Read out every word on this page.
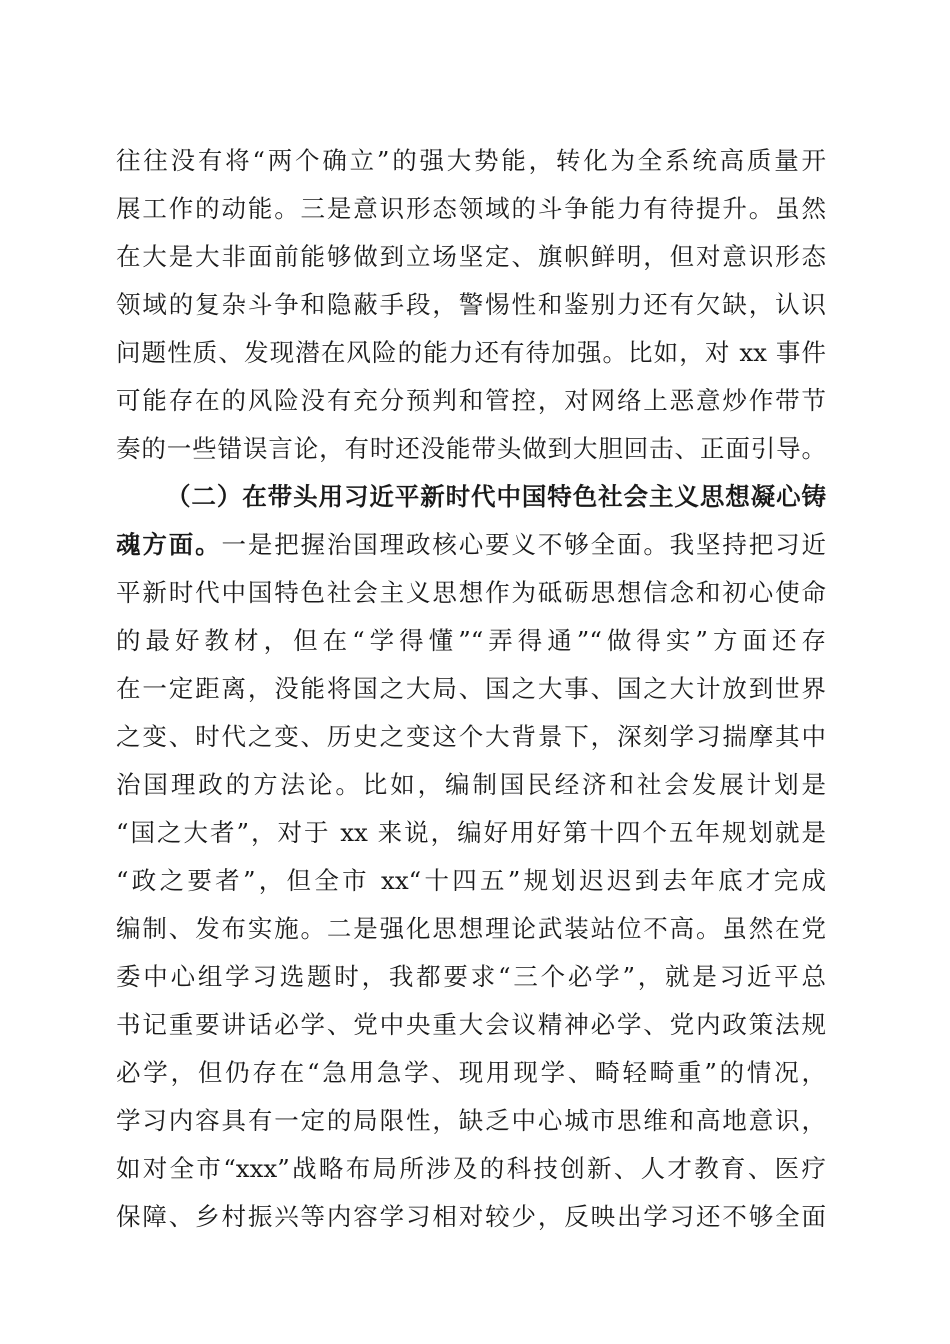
往往没有将“两个确立”的强大势能，转化为全系统高质量开
展工作的动能。三是意识形态领域的斗争能力有待提升。虽然
在大是大非面前能够做到立场坚定、旗帜鲜明，但对意识形态
领域的复杂斗争和隐蔽手段，警惕性和鉴别力还有欠缺，认识
问题性质、发现潜在风险的能力还有待加强。比如，对 xx 事件
可能存在的风险没有充分预判和管控，对网络上恶意炒作带节
奏的一些错误言论，有时还没能带头做到大胆回击、正面引导。
（二）在带头用习近平新时代中国特色社会主义思想凝心铸
魂方面。一是把握治国理政核心要义不够全面。我坚持把习近
平新时代中国特色社会主义思想作为砥砺思想信念和初心使命
的最好教材，但在“学得懂”“弄得通”“做得实”方面还存
在一定距离，没能将国之大局、国之大事、国之大计放到世界
之变、时代之变、历史之变这个大背景下，深刻学习揣摩其中
治国理政的方法论。比如，编制国民经济和社会发展计划是
“国之大者”，对于 xx 来说，编好用好第十四个五年规划就是
“政之要者”，但全市 xx“十四五”规划迟迟到去年底才完成
编制、发布实施。二是强化思想理论武装站位不高。虽然在党
委中心组学习选题时，我都要求“三个必学”，就是习近平总
书记重要讲话必学、党中央重大会议精神必学、党内政策法规
必学，但仍存在“急用急学、现用现学、畸轻畸重”的情况，
学习内容具有一定的局限性，缺乏中心城市思维和高地意识，
如对全市“xxx”战略布局所涉及的科技创新、人才教育、医疗
保障、乡村振兴等内容学习相对较少，反映出学习还不够全面
